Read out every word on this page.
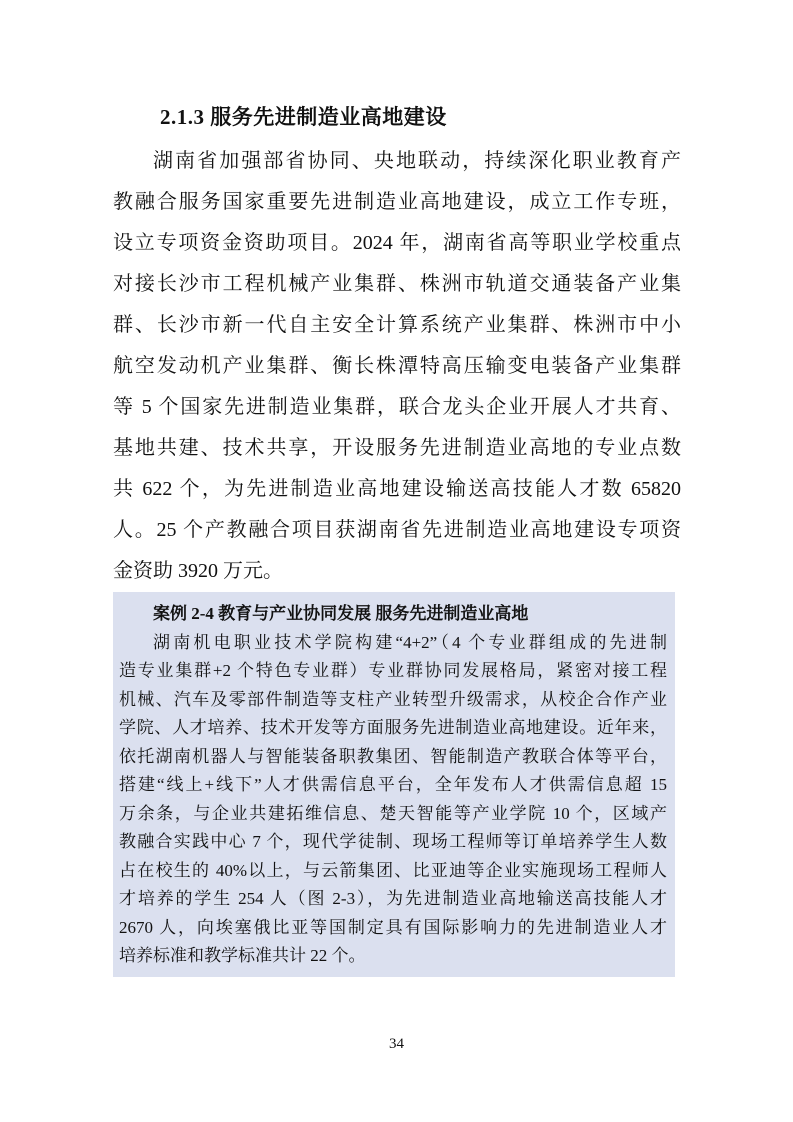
2.1.3 服务先进制造业高地建设
湖南省加强部省协同、央地联动，持续深化职业教育产
教融合服务国家重要先进制造业高地建设，成立工作专班，
设立专项资金资助项目。2024 年，湖南省高等职业学校重点
对接长沙市工程机械产业集群、株洲市轨道交通装备产业集
群、长沙市新一代自主安全计算系统产业集群、株洲市中小
航空发动机产业集群、衡长株潭特高压输变电装备产业集群
等 5 个国家先进制造业集群，联合龙头企业开展人才共育、
基地共建、技术共享，开设服务先进制造业高地的专业点数
共 622 个，为先进制造业高地建设输送高技能人才数 65820
人。25 个产教融合项目获湖南省先进制造业高地建设专项资
金资助 3920 万元。
案例 2-4 教育与产业协同发展 服务先进制造业高地
湖南机电职业技术学院构建“4+2”（4 个专业群组成的先进制
造专业集群+2 个特色专业群）专业群协同发展格局，紧密对接工程
机械、汽车及零部件制造等支柱产业转型升级需求，从校企合作产业
学院、人才培养、技术开发等方面服务先进制造业高地建设。近年来，
依托湖南机器人与智能装备职教集团、智能制造产教联合体等平台，
搭建“线上+线下”人才供需信息平台，全年发布人才供需信息超 15
万余条，与企业共建拓维信息、楚天智能等产业学院 10 个，区域产
教融合实践中心 7 个，现代学徒制、现场工程师等订单培养学生人数
占在校生的 40%以上，与云箭集团、比亚迪等企业实施现场工程师人
才培养的学生 254 人（图 2-3），为先进制造业高地输送高技能人才
2670 人，向埃塞俄比亚等国制定具有国际影响力的先进制造业人才
培养标准和教学标准共计 22 个。
34
